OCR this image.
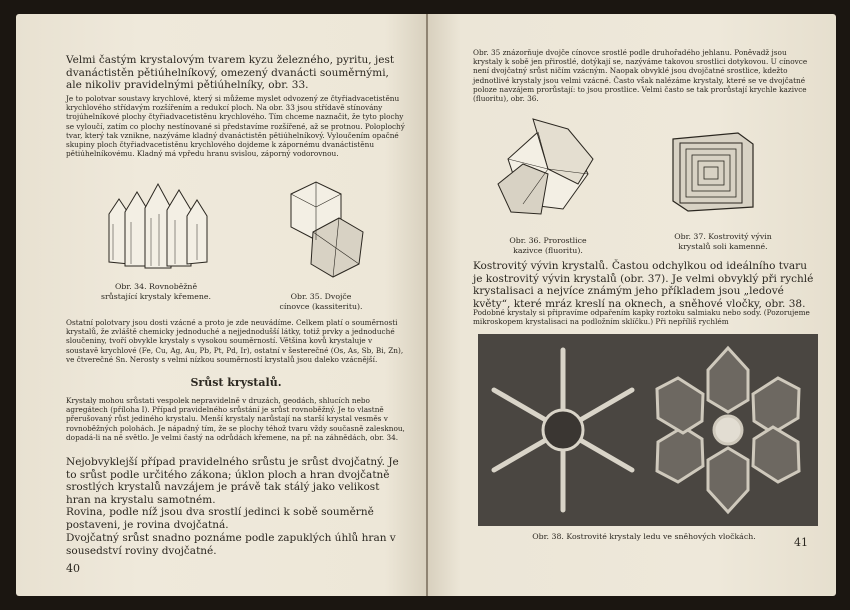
Velmi častým krystalovým tvarem kyzu železného, pyritu, jest dvanáctistěn pětiúhelníkový, omezený dvanácti souměrnými, ale nikoliv pravidelnými pětiúhelníky, obr. 33.

Je to polotvar soustavy krychlové, který si můžeme myslet odvozený ze čtyřiadvacetistěnu krychlového střídavým rozšířením a redukcí ploch. Na obr. 33 jsou střídavě stínovány trojúhelníkové plochy čtyřiadvacetistěnu krychlového. Tím chceme naznačit, že tyto plochy se vyloučí, zatím co plochy nestínované si představíme rozšířené, až se protnou. Poloplochý tvar, který tak vznikne, nazýváme kladný dvanáctistěn pětiúhelníkový. Vyloučením opačné skupiny ploch čtyřiadvacetistěnu krychlového dojdeme k zápornému dvanáctistěnu pětiúhelníkovému. Kladný má vpředu hranu svislou, záporný vodorovnou.

Obr. 34. Rovnoběžně

srůstající krystaly křemene.	Obr. 35. Dvojče

cínovce (kassiteritu).

Ostatní polotvary jsou dosti vzácné a proto je zde neuvádíme. Celkem platí o souměrnosti krystalů, že zvláště chemicky jednoduché a nejjednodušší látky, totiž prvky a jednoduché sloučeniny, tvoří obvykle krystaly s vysokou souměrností. Většina kovů krystaluje v soustavě krychlové (Fe, Cu, Ag, Au, Pb, Pt, Pd, Ir), ostatní v šesterečné (Os, As, Sb, Bi, Zn), ve čtverečné Sn. Nerosty s velmi nízkou souměrností krystalů jsou daleko vzácnější.

Srůst krystalů.

Krystaly mohou srůstati vespolek nepravidelně v druzách, geodách, shlucích nebo agregátech (příloha I). Případ pravidelného srůstání je srůst rovnoběžný. Je to vlastně přerušovaný růst jediného krystalu. Menší krystaly narůstají na starší krystal vesměs v rovnoběžných polohách. Je nápadný tím, že se plochy téhož tvaru vždy současně zalesknou, dopadá-li na ně světlo. Je velmi častý na odrůdách křemene, na př. na záhnědách, obr. 34.

Nejobvyklejší případ pravidelného srůstu je srůst dvojčatný. Je to srůst podle určitého zákona; úklon ploch a hran dvojčatně srostlých krystalů navzájem je právě tak stálý jako velikost hran na krystalu samotném.

Rovina, podle níž jsou dva srostlí jedinci k sobě souměrně postaveni, je rovina dvojčatná.

Dvojčatný srůst snadno poznáme podle zapuklých úhlů hran v sousedství roviny dvojčatné.

40

Obr. 35 znázorňuje dvojče cínovce srostlé podle druhořadého jehlanu. Poněvadž jsou krystaly k sobě jen přirostlé, dotýkají se, nazýváme takovou srostlici dotykovou. U cínovce není dvojčatný srůst ničím vzácným. Naopak obvyklé jsou dvojčatné srostlice, kdežto jednotlivé krystaly jsou velmi vzácné. Často však nalézáme krystaly, které se ve dvojčatné poloze navzájem prorůstají: to jsou prostlice. Velmi často se tak prorůstají krychle kazivce (fluoritu), obr. 36.

Obr. 36. Prorostlice

kazivce (fluoritu).

Obr. 37. Kostrovitý vývin

krystalů soli kamenné.

Kostrovitý vývin krystalů. Častou odchylkou od ideálního tvaru je kostrovitý vývin krystalů (obr. 37). Je velmi obvyklý při rychlé krystalisaci a nejvíce známým jeho příkladem jsou „ledové květy“, které mráz kreslí na oknech, a sněhové vločky, obr. 38.

Podobné krystaly si připravíme odpařením kapky roztoku salmiaku nebo sody. (Pozorujeme mikroskopem krystalisaci na podložním sklíčku.) Při nepříliš rychlém

Obr. 38. Kostrovité krystaly ledu ve sněhových vločkách.	41
